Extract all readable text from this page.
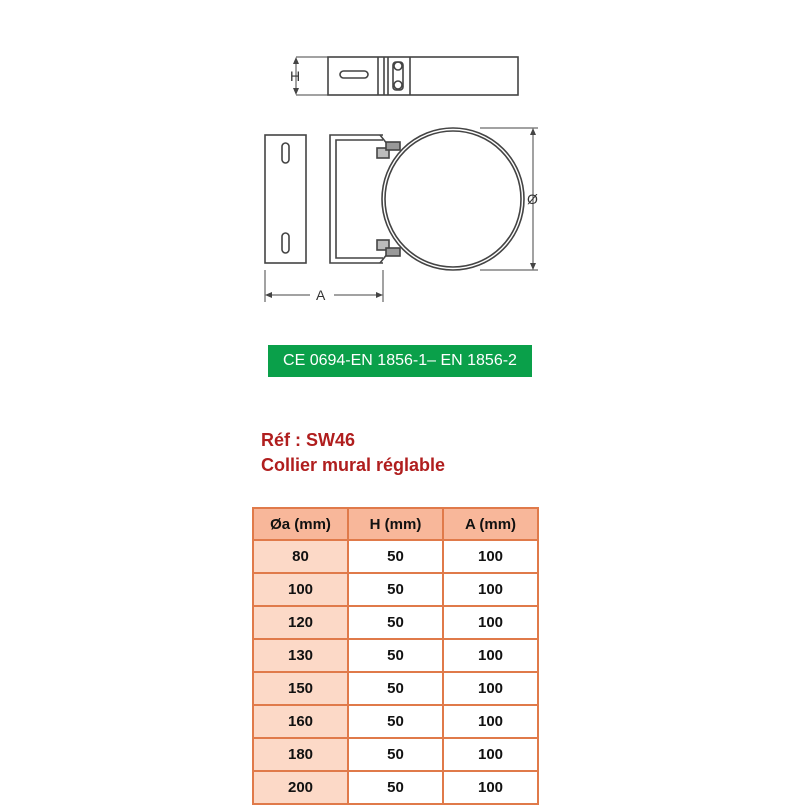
H
A
Ø
CE 0694-EN 1856-1– EN 1856-2
Réf : SW46
Collier mural réglable
Øa (mm)	H (mm)	A (mm)
80	50	100
100	50	100
120	50	100
130	50	100
150	50	100
160	50	100
180	50	100
200	50	100
